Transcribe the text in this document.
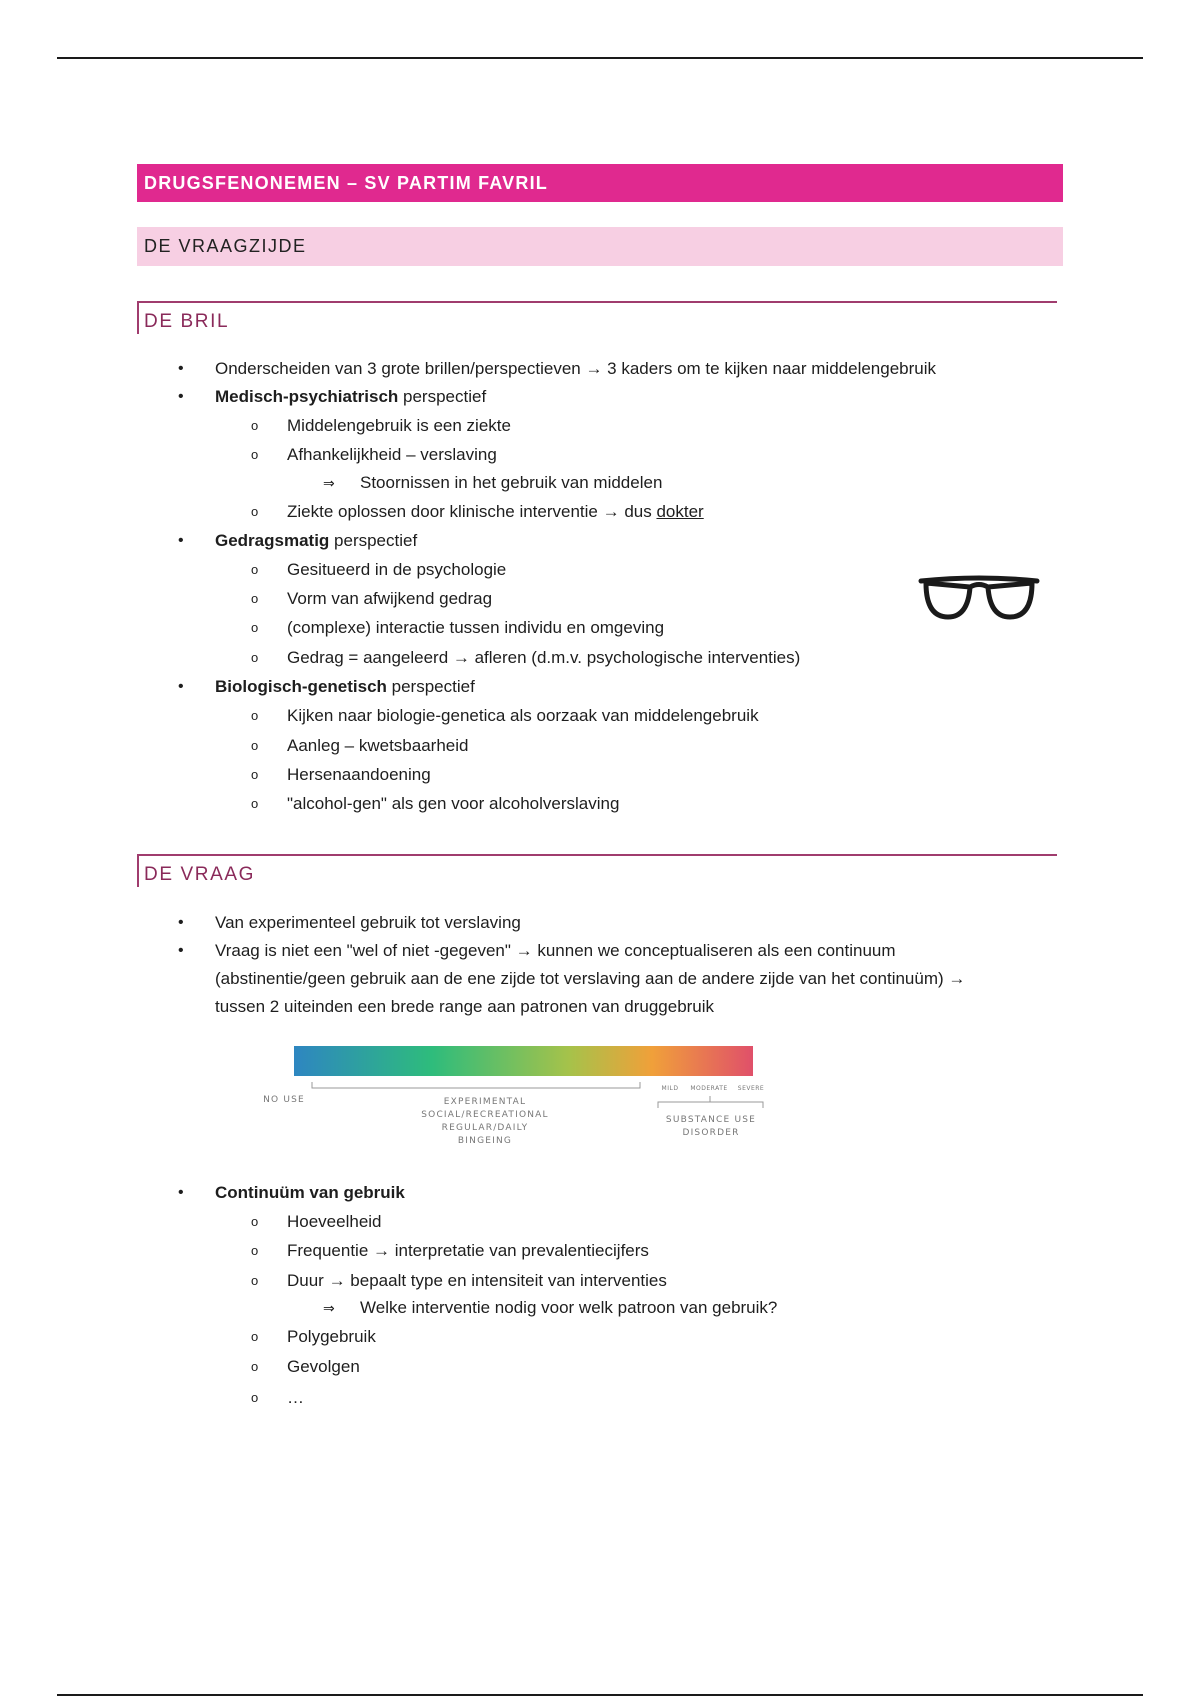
DRUGSFENONEMEN – SV PARTIM FAVRIL
DE VRAAGZIJDE
DE BRIL
• Onderscheiden van 3 grote brillen/perspectieven → 3 kaders om te kijken naar middelengebruik
• Medisch-psychiatrisch perspectief
o Middelengebruik is een ziekte
o Afhankelijkheid – verslaving
⇒ Stoornissen in het gebruik van middelen
o Ziekte oplossen door klinische interventie → dus dokter
• Gedragsmatig perspectief
o Gesitueerd in de psychologie
o Vorm van afwijkend gedrag
o (complexe) interactie tussen individu en omgeving
o Gedrag = aangeleerd → afleren (d.m.v. psychologische interventies)
• Biologisch-genetisch perspectief
o Kijken naar biologie-genetica als oorzaak van middelengebruik
o Aanleg – kwetsbaarheid
o Hersenaandoening
o "alcohol-gen" als gen voor alcoholverslaving
DE VRAAG
• Van experimenteel gebruik tot verslaving
• Vraag is niet een "wel of niet -gegeven" → kunnen we conceptualiseren als een continuum
(abstinentie/geen gebruik aan de ene zijde tot verslaving aan de andere zijde van het continuüm) →
tussen 2 uiteinden een brede range aan patronen van druggebruik
NO USE	EXPERIMENTAL
SOCIAL/RECREATIONAL
REGULAR/DAILY
BINGEING
MILD	MODERATE	SEVERE
SUBSTANCE USE
DISORDER
• Continuüm van gebruik
o Hoeveelheid
o Frequentie → interpretatie van prevalentiecijfers
o Duur → bepaalt type en intensiteit van interventies
⇒ Welke interventie nodig voor welk patroon van gebruik?
o Polygebruik
o Gevolgen
o …
